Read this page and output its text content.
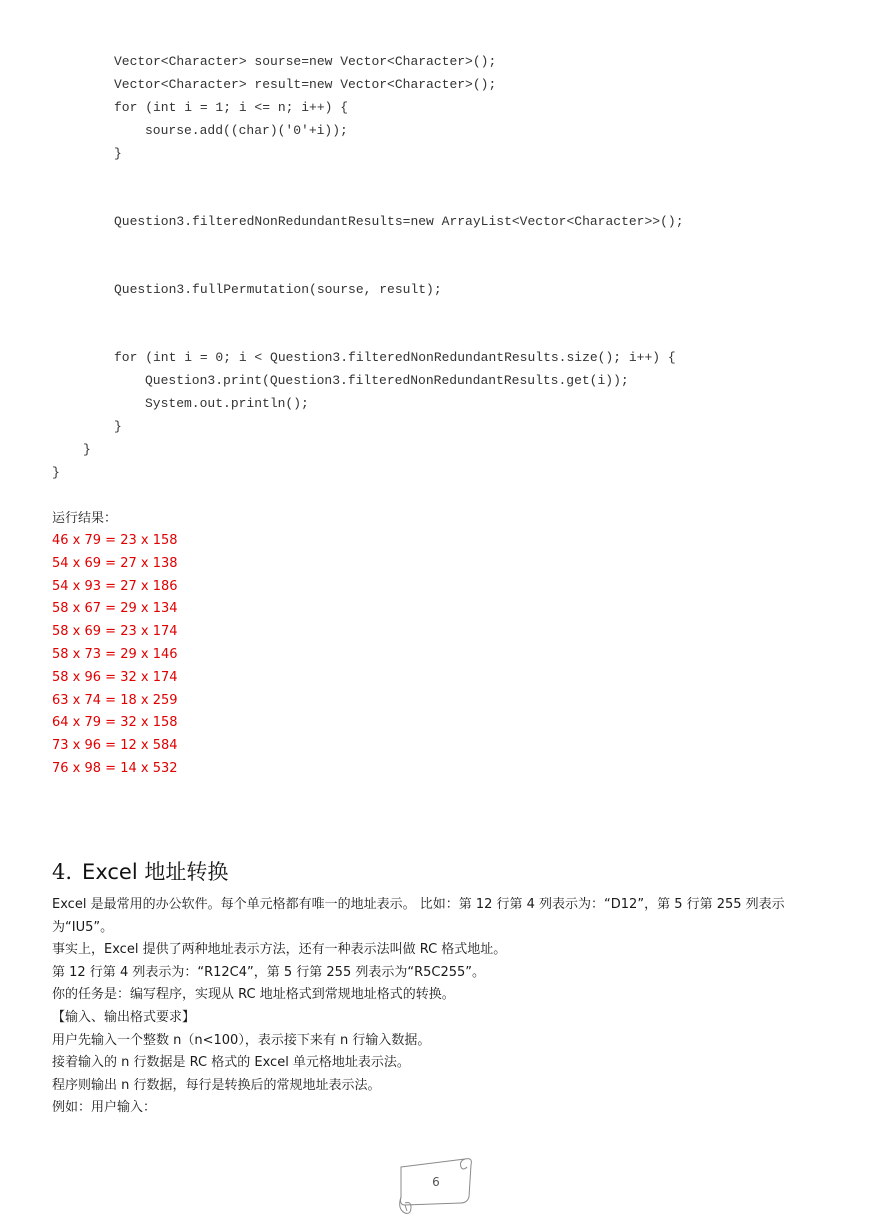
Vector<Character> sourse=new Vector<Character>();

Vector<Character> result=new Vector<Character>();

for (int i = 1; i <= n; i++) {

sourse.add((char)('0'+i));

}

Question3.filteredNonRedundantResults=new ArrayList<Vector<Character>>();

Question3.fullPermutation(sourse, result);

for (int i = 0; i < Question3.filteredNonRedundantResults.size(); i++) {

Question3.print(Question3.filteredNonRedundantResults.get(i));

System.out.println();

}

}

}

运行结果：
46 x 79 = 23 x 158
54 x 69 = 27 x 138
54 x 93 = 27 x 186
58 x 67 = 29 x 134
58 x 69 = 23 x 174
58 x 73 = 29 x 146
58 x 96 = 32 x 174
63 x 74 = 18 x 259
64 x 79 = 32 x 158
73 x 96 = 12 x 584
76 x 98 = 14 x 532
4. Excel 地址转换

Excel 是最常用的办公软件。每个单元格都有唯一的地址表示。 比如：第 12 行第 4 列表示为：“D12”，第 5 行第 255 列表示为“IU5”。

事实上，Excel 提供了两种地址表示方法，还有一种表示法叫做 RC 格式地址。

第 12 行第 4 列表示为：“R12C4”，第 5 行第 255 列表示为“R5C255”。

你的任务是：编写程序，实现从 RC 地址格式到常规地址格式的转换。

【输入、输出格式要求】

用户先输入一个整数 n（n<100），表示接下来有 n 行输入数据。

接着输入的 n 行数据是 RC 格式的 Excel 单元格地址表示法。

程序则输出 n 行数据，每行是转换后的常规地址表示法。

例如：用户输入：

6
